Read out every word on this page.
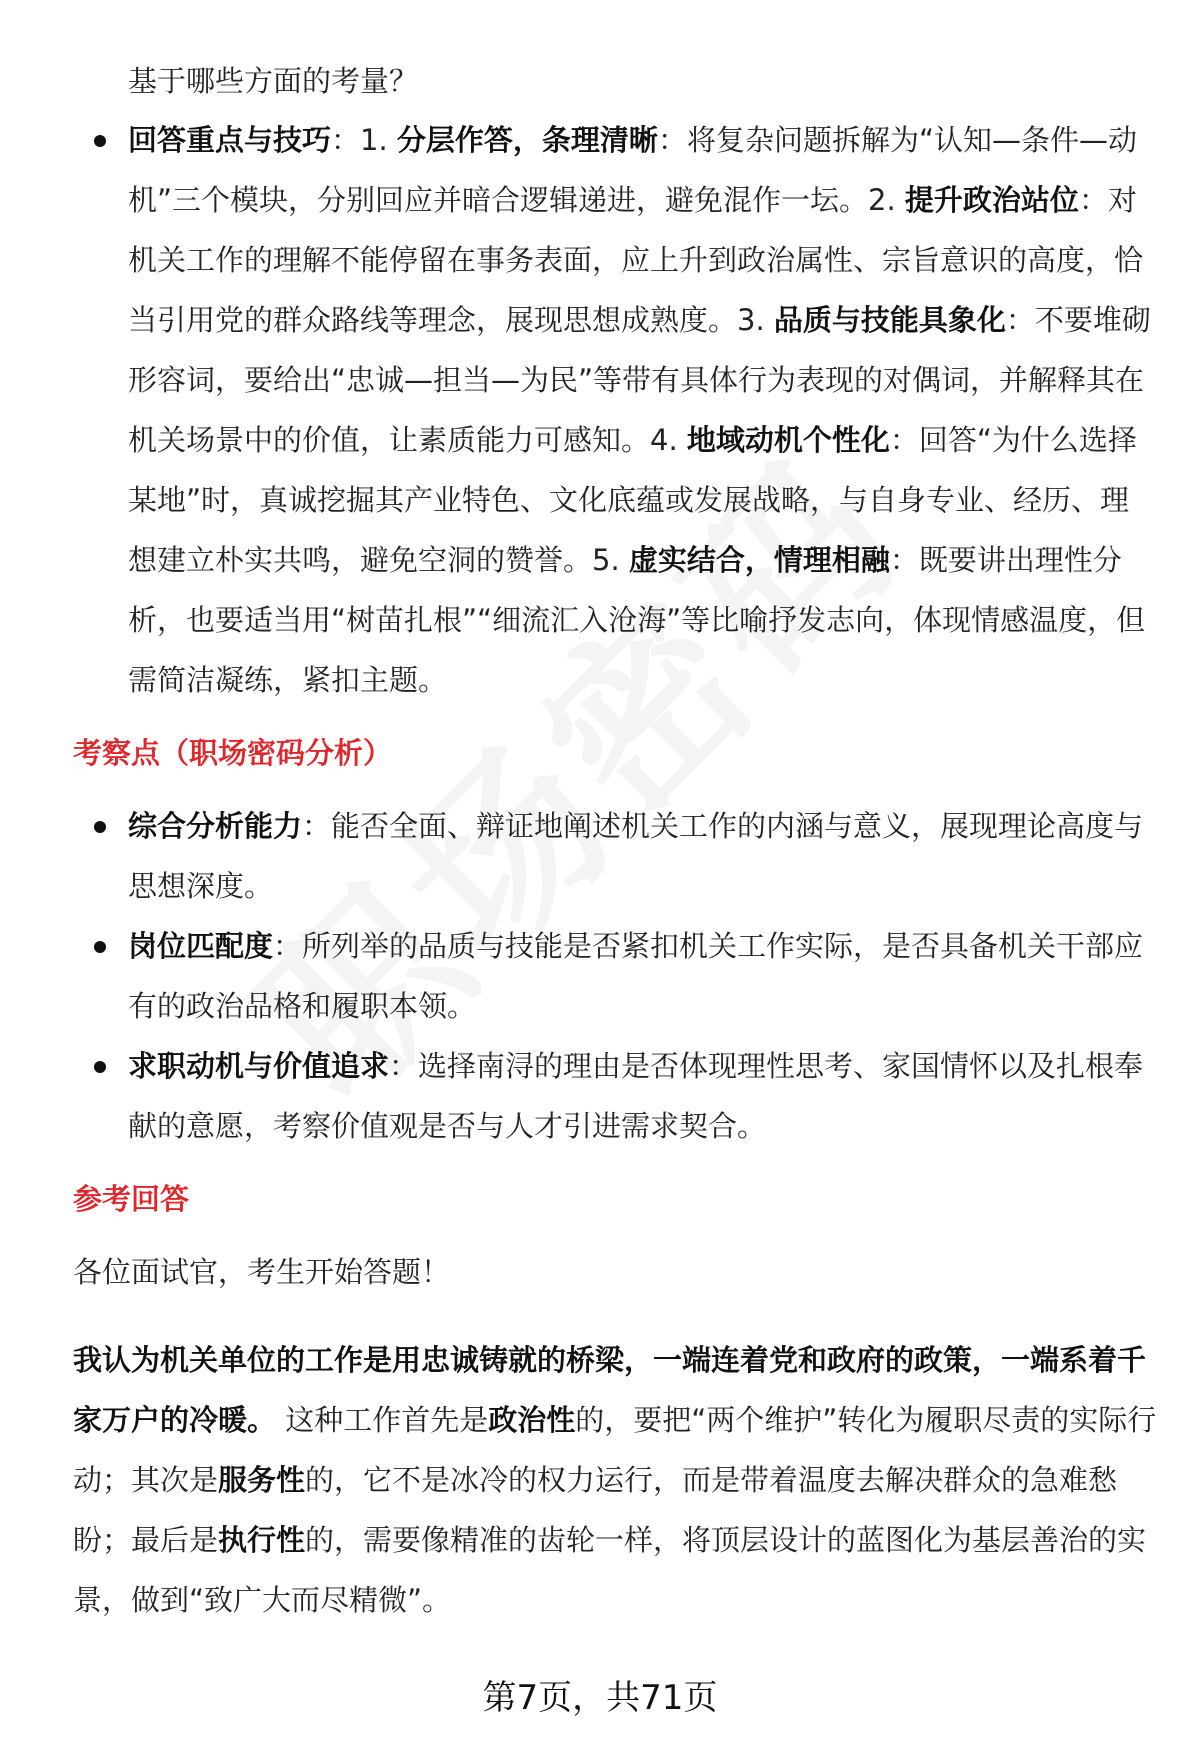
基于哪些方面的考量？
回答重点与技巧：1. 分层作答，条理清晰：将复杂问题拆解为“认知—条件—动机”三个模块，分别回应并暗合逻辑递进，避免混作一坛。2. 提升政治站位：对机关工作的理解不能停留在事务表面，应上升到政治属性、宗旨意识的高度，恰当引用党的群众路线等理念，展现思想成熟度。3. 品质与技能具象化：不要堆砌形容词，要给出“忠诚—担当—为民”等带有具体行为表现的对偶词，并解释其在机关场景中的价值，让素质能力可感知。4. 地域动机个性化：回答“为什么选择某地”时，真诚挖掘其产业特色、文化底蕴或发展战略，与自身专业、经历、理想建立朴实共鸣，避免空洞的赞誉。5. 虚实结合，情理相融：既要讲出理性分析，也要适当用“树苗扎根”“细流汇入沧海”等比喻抒发志向，体现情感温度，但需简洁凝练，紧扣主题。
考察点（职场密码分析）
综合分析能力：能否全面、辩证地阐述机关工作的内涵与意义，展现理论高度与思想深度。
岗位匹配度：所列举的品质与技能是否紧扣机关工作实际，是否具备机关干部应有的政治品格和履职本领。
求职动机与价值追求：选择南浔的理由是否体现理性思考、家国情怀以及扎根奉献的意愿，考察价值观是否与人才引进需求契合。
参考回答

各位面试官，考生开始答题！

我认为机关单位的工作是用忠诚铸就的桥梁，一端连着党和政府的政策，一端系着千家万户的冷暖。 这种工作首先是政治性的，要把“两个维护”转化为履职尽责的实际行动；其次是服务性的，它不是冰冷的权力运行，而是带着温度去解决群众的急难愁盼；最后是执行性的，需要像精准的齿轮一样，将顶层设计的蓝图化为基层善治的实景，做到“致广大而尽精微”。

第7页，共71页
